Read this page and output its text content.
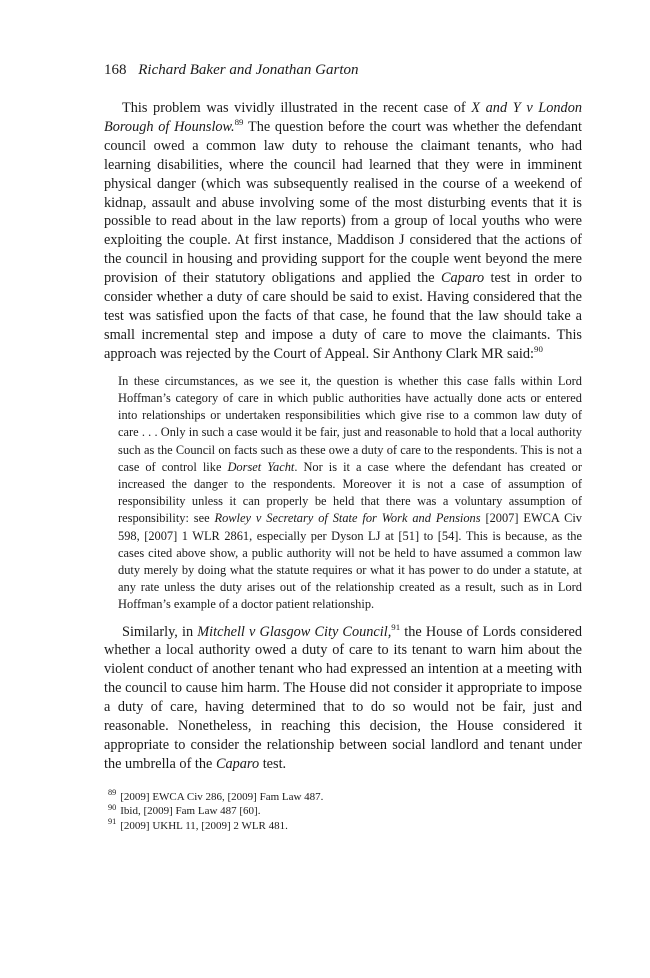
168 Richard Baker and Jonathan Garton

This problem was vividly illustrated in the recent case of X and Y v London Borough of Hounslow.$^{89}$ The question before the court was whether the defendant council owed a common law duty to rehouse the claimant tenants, who had learning disabilities, where the council had learned that they were in imminent physical danger (which was subsequently realised in the course of a weekend of kidnap, assault and abuse involving some of the most disturbing events that it is possible to read about in the law reports) from a group of local youths who were exploiting the couple. At first instance, Maddison J considered that the actions of the council in housing and providing support for the couple went beyond the mere provision of their statutory obligations and applied the Caparo test in order to consider whether a duty of care should be said to exist. Having considered that the test was satisfied upon the facts of that case, he found that the law should take a small incremental step and impose a duty of care to move the claimants. This approach was rejected by the Court of Appeal. Sir Anthony Clark MR said:$^{90}$

In these circumstances, as we see it, the question is whether this case falls within Lord Hoffman’s category of care in which public authorities have actually done acts or entered into relationships or undertaken responsibilities which give rise to a common law duty of care . . . Only in such a case would it be fair, just and reasonable to hold that a local authority such as the Council on facts such as these owe a duty of care to the respondents. This is not a case of control like Dorset Yacht. Nor is it a case where the defendant has created or increased the danger to the respondents. Moreover it is not a case of assumption of responsibility unless it can properly be held that there was a voluntary assumption of responsibility: see Rowley v Secretary of State for Work and Pensions [2007] EWCA Civ 598, [2007] 1 WLR 2861, especially per Dyson LJ at [51] to [54]. This is because, as the cases cited above show, a public authority will not be held to have assumed a common law duty merely by doing what the statute requires or what it has power to do under a statute, at any rate unless the duty arises out of the relationship created as a result, such as in Lord Hoffman’s example of a doctor patient relationship.

Similarly, in Mitchell v Glasgow City Council,$^{91}$ the House of Lords considered whether a local authority owed a duty of care to its tenant to warn him about the violent conduct of another tenant who had expressed an intention at a meeting with the council to cause him harm. The House did not consider it appropriate to impose a duty of care, having determined that to do so would not be fair, just and reasonable. Nonetheless, in reaching this decision, the House considered it appropriate to consider the relationship between social landlord and tenant under the umbrella of the Caparo test.

$^{89}$ [2009] EWCA Civ 286, [2009] Fam Law 487.
$^{90}$ Ibid, [2009] Fam Law 487 [60].
$^{91}$ [2009] UKHL 11, [2009] 2 WLR 481.
